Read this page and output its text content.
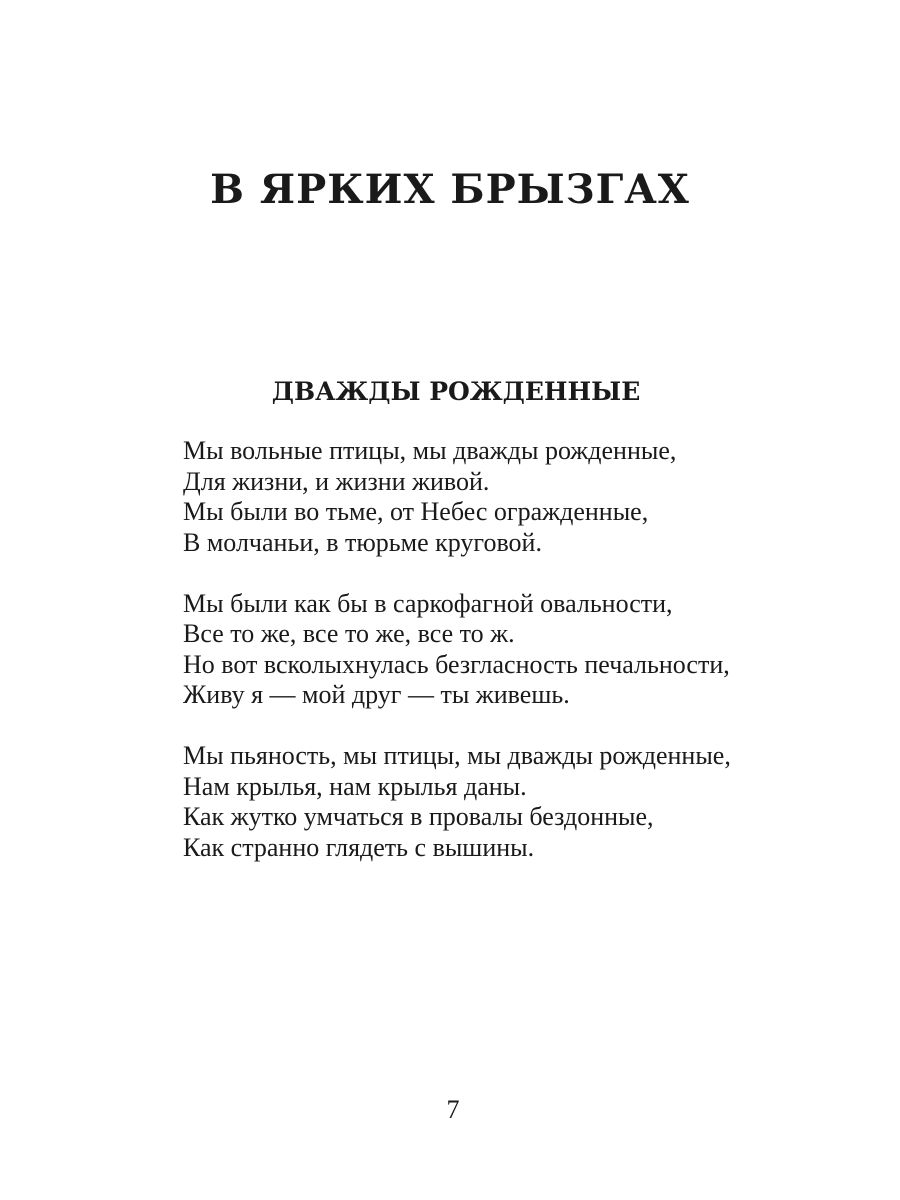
В ЯРКИХ БРЫЗГАХ
ДВАЖДЫ РОЖДЕННЫЕ
Мы вольные птицы, мы дважды рожденные,
Для жизни, и жизни живой.
Мы были во тьме, от Небес огражденные,
В молчаньи, в тюрьме круговой.
Мы были как бы в саркофагной овальности,
Все то же, все то же, все то ж.
Но вот всколыхнулась безгласность печальности,
Живу я — мой друг — ты живешь.
Мы пьяность, мы птицы, мы дважды рожденные,
Нам крылья, нам крылья даны.
Как жутко умчаться в провалы бездонные,
Как странно глядеть с вышины.
7
